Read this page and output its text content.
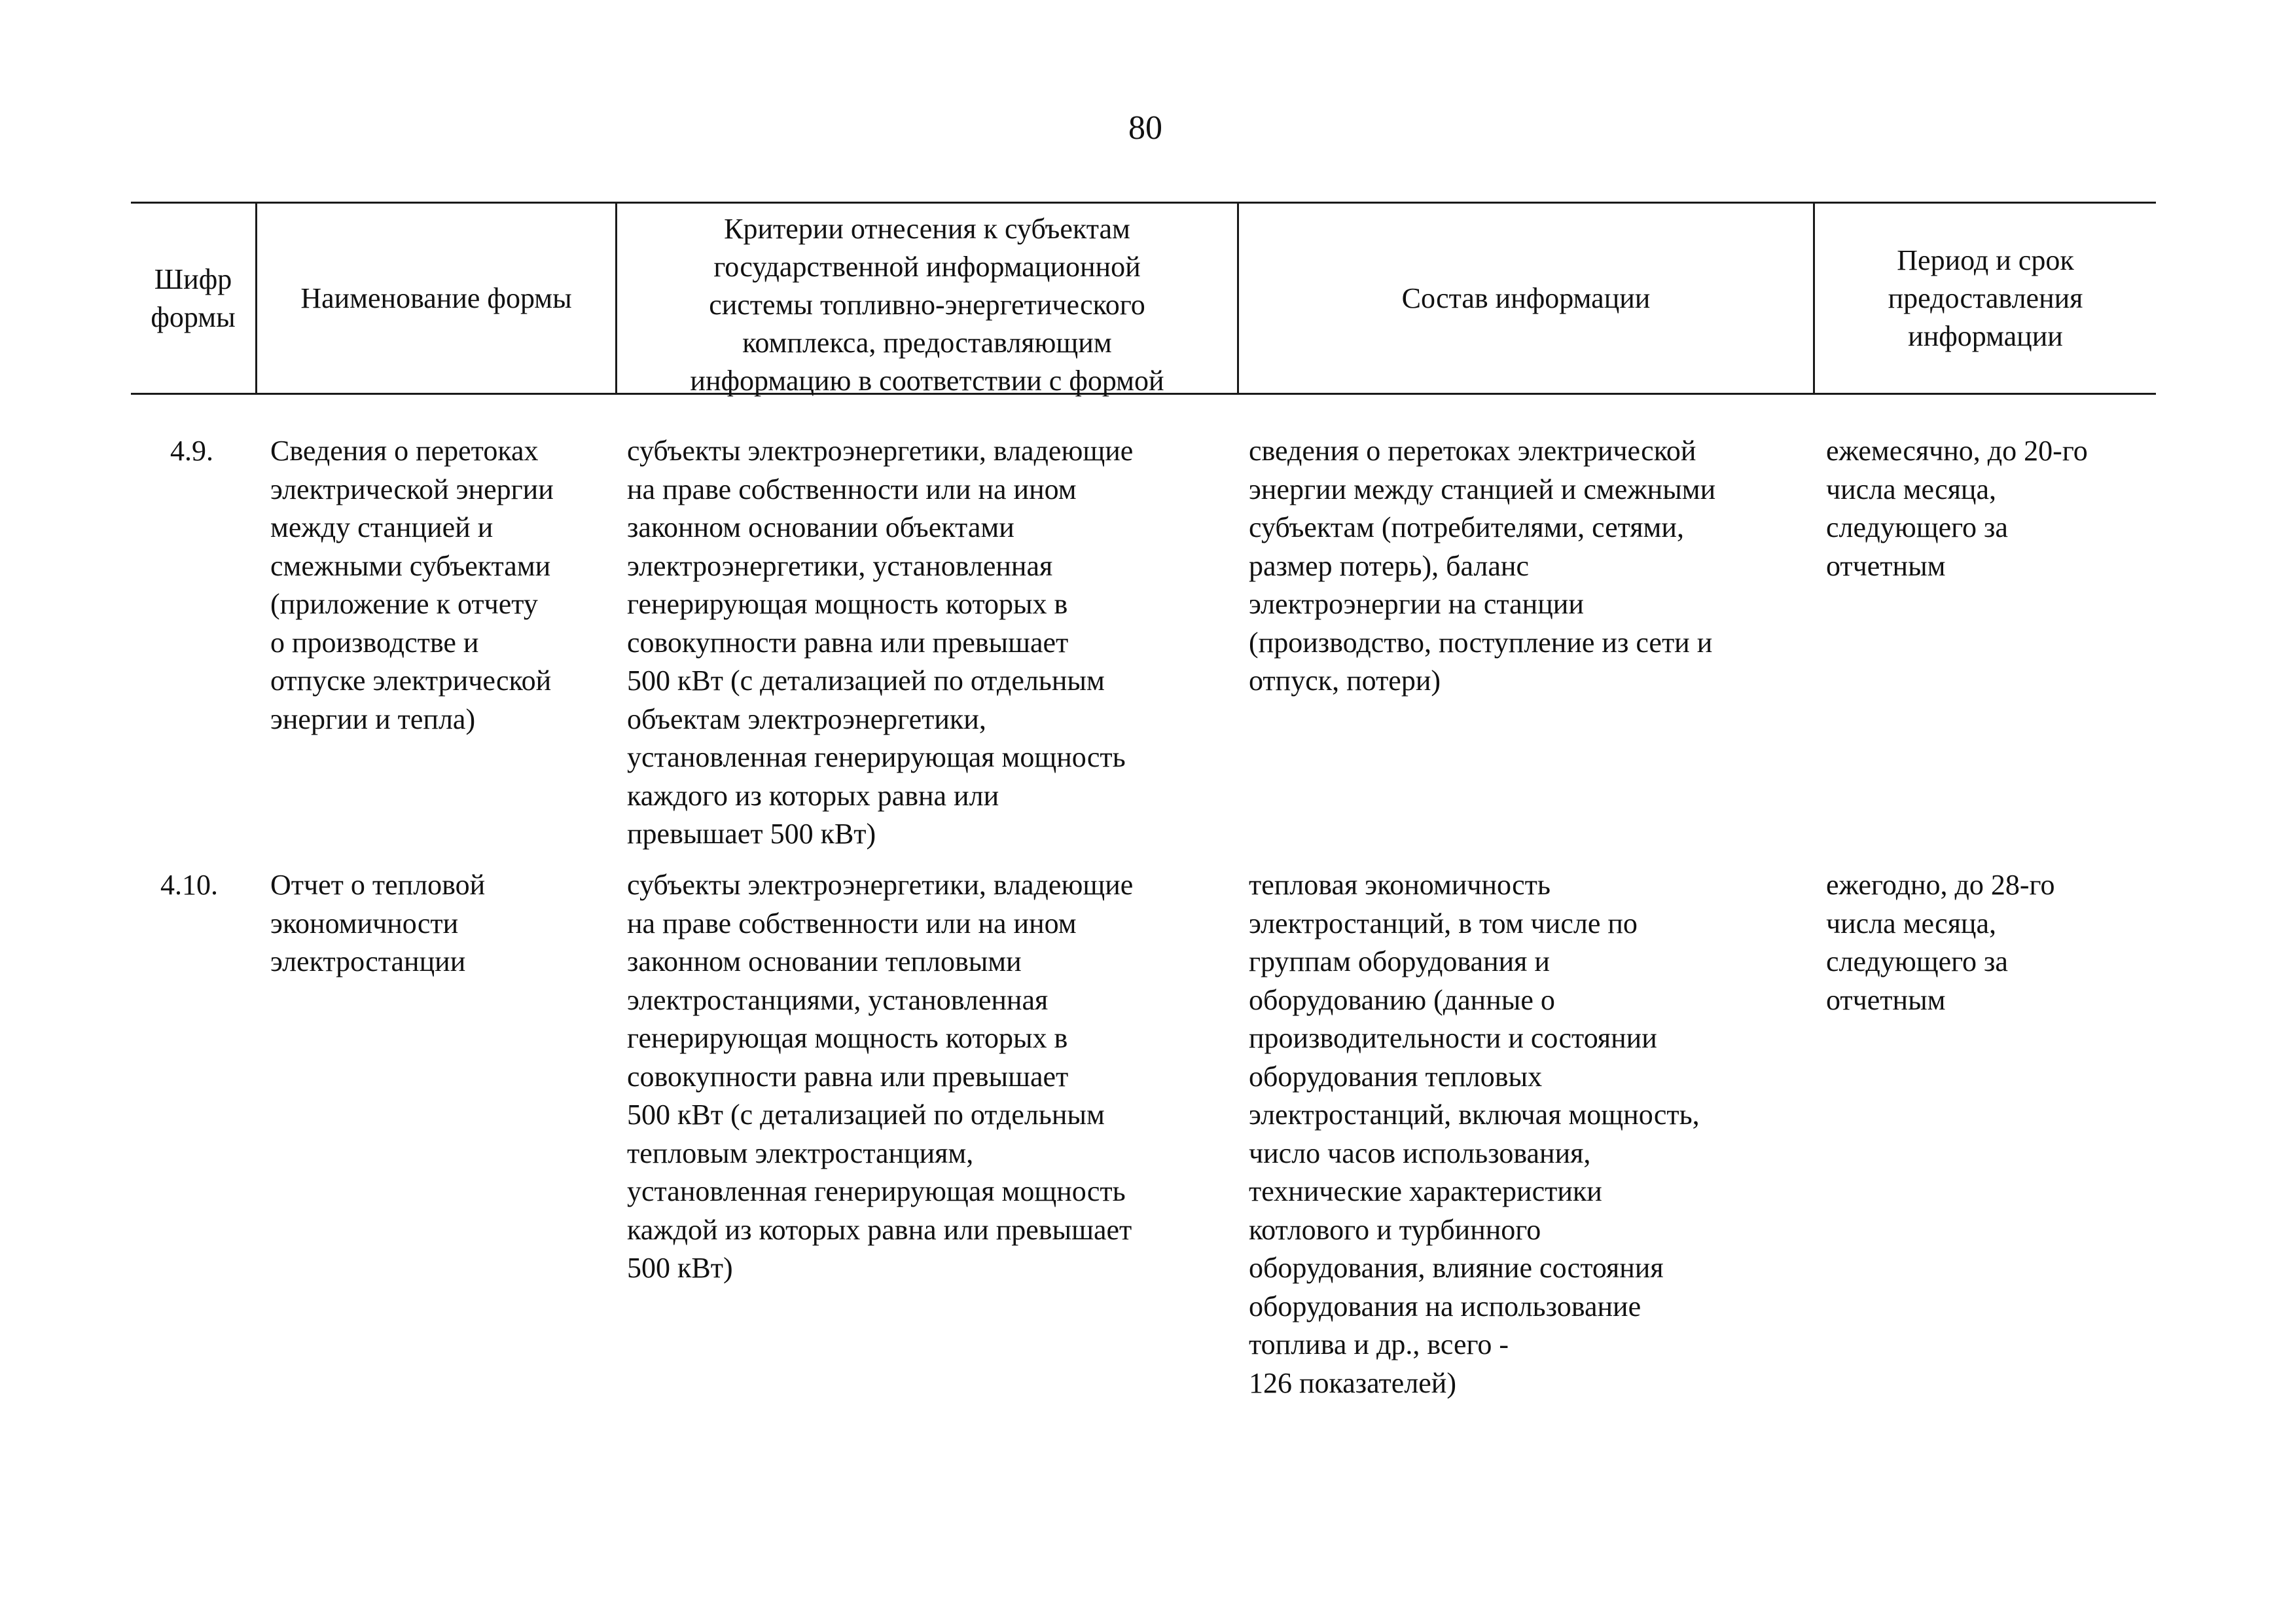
80
Шифр
формы
Наименование формы
Критерии отнесения к субъектам
государственной информационной
системы топливно-энергетического
комплекса, предоставляющим
информацию в соответствии с формой
Состав информации
Период и срок
предоставления
информации
4.9. Сведения о перетоках
электрической энергии
между станцией и
смежными субъектами
(приложение к отчету
о производстве и
отпуске электрической
энергии и тепла)
субъекты электроэнергетики, владеющие
на праве собственности или на ином
законном основании объектами
электроэнергетики, установленная
генерирующая мощность которых в
совокупности равна или превышает
500 кВт (с детализацией по отдельным
объектам электроэнергетики,
установленная генерирующая мощность
каждого из которых равна или
превышает 500 кВт)
сведения о перетоках электрической
энергии между станцией и смежными
субъектам (потребителями, сетями,
размер потерь), баланс
электроэнергии на станции
(производство, поступление из сети и
отпуск, потери)
ежемесячно, до 20-го
числа месяца,
следующего за
отчетным
4.10. Отчет о тепловой
экономичности
электростанции
субъекты электроэнергетики, владеющие
на праве собственности или на ином
законном основании тепловыми
электростанциями, установленная
генерирующая мощность которых в
совокупности равна или превышает
500 кВт (с детализацией по отдельным
тепловым электростанциям,
установленная генерирующая мощность
каждой из которых равна или превышает
500 кВт)
тепловая экономичность
электростанций, в том числе по
группам оборудования и
оборудованию (данные о
производительности и состоянии
оборудования тепловых
электростанций, включая мощность,
число часов использования,
технические характеристики
котлового и турбинного
оборудования, влияние состояния
оборудования на использование
топлива и др., всего -
126 показателей)
ежегодно, до 28-го
числа месяца,
следующего за
отчетным
